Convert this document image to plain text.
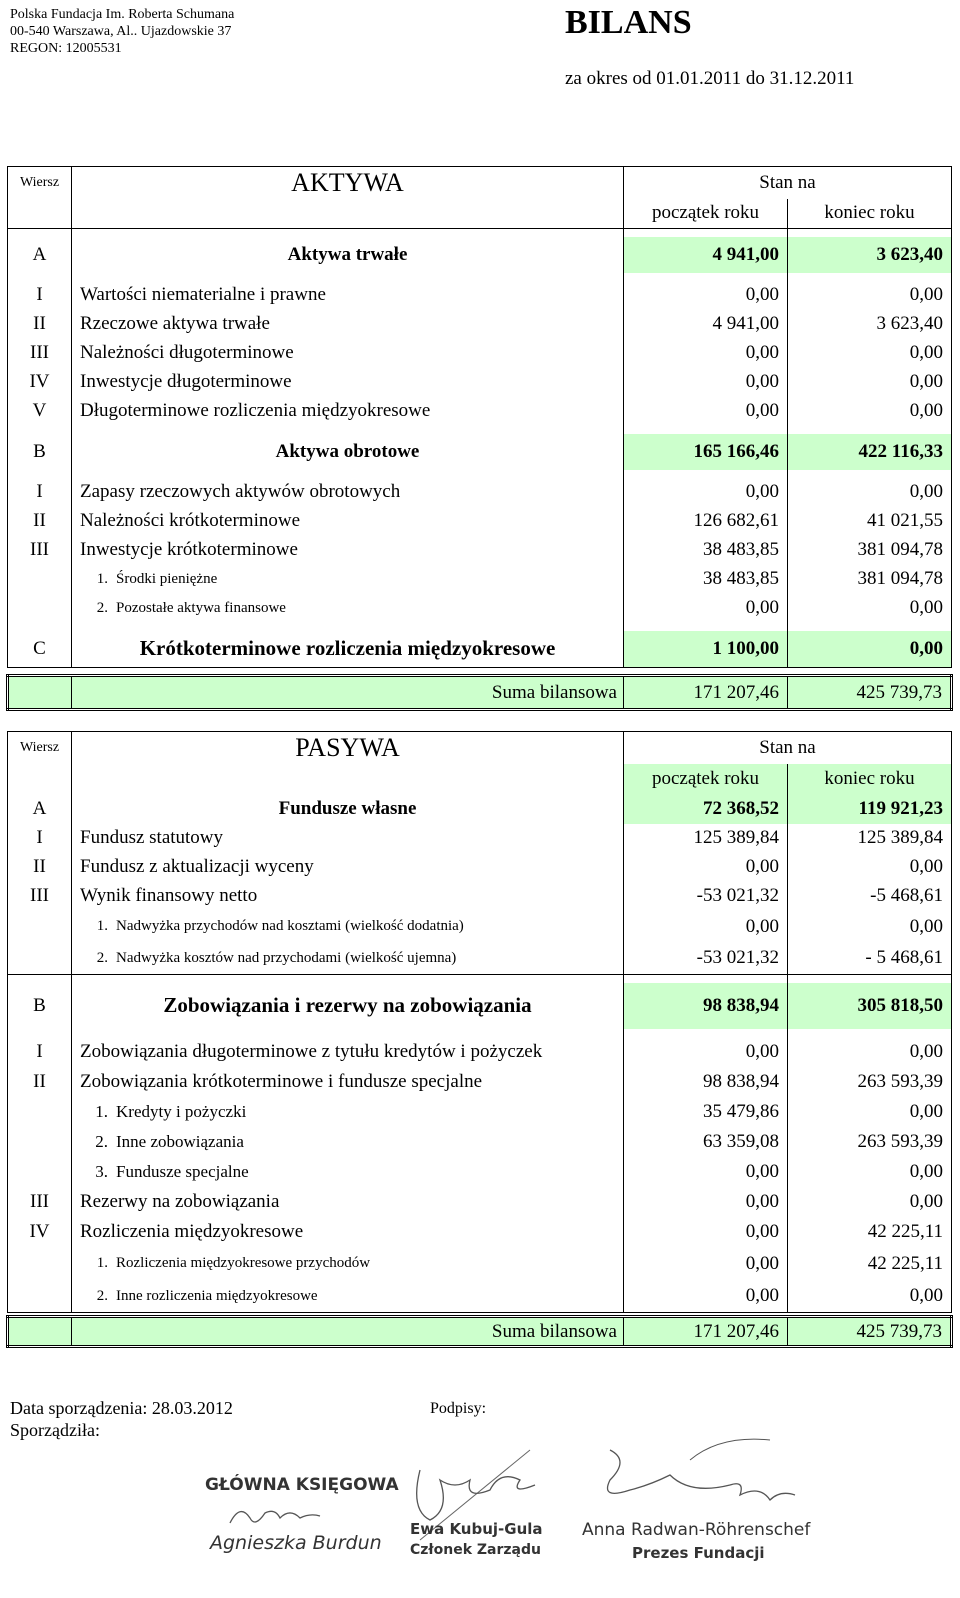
Polska Fundacja Im. Roberta Schumana
00-540 Warszawa, Al.. Ujazdowskie 37
REGON: 12005531
BILANS
za okres od 01.01.2011 do 31.12.2011
Wiersz	AKTYWA	Stan na	
		początek roku	koniec roku

A	Aktywa trwałe	4 941,00	3 623,40

I	Wartości niematerialne i prawne	0,00	0,00
II	Rzeczowe aktywa trwałe	4 941,00	3 623,40
III	Należności długoterminowe	0,00	0,00
IV	Inwestycje długoterminowe	0,00	0,00
V	Długoterminowe rozliczenia międzyokresowe	0,00	0,00

B	Aktywa obrotowe	165 166,46	422 116,33

I	Zapasy rzeczowych aktywów obrotowych	0,00	0,00
II	Należności krótkoterminowe	126 682,61	41 021,55
III	Inwestycje krótkoterminowe	38 483,85	381 094,78
	1. Środki pieniężne	38 483,85	381 094,78
	2. Pozostałe aktywa finansowe	0,00	0,00

C	Krótkoterminowe rozliczenia międzyokresowe	1 100,00	0,00

	Suma bilansowa	171 207,46	425 739,73
Wiersz	PASYWA	Stan na	
		początek roku	koniec roku
A	Fundusze własne	72 368,52	119 921,23
I	Fundusz statutowy	125 389,84	125 389,84
II	Fundusz z aktualizacji wyceny	0,00	0,00
III	Wynik finansowy netto	-53 021,32	-5 468,61
	1. Nadwyżka przychodów nad kosztami (wielkość dodatnia)	0,00	0,00
	2. Nadwyżka kosztów nad przychodami (wielkość ujemna)	-53 021,32	- 5 468,61

B	Zobowiązania i rezerwy na zobowiązania	98 838,94	305 818,50

I	Zobowiązania długoterminowe z tytułu kredytów i pożyczek	0,00	0,00
II	Zobowiązania krótkoterminowe i fundusze specjalne	98 838,94	263 593,39
	1. Kredyty i pożyczki	35 479,86	0,00
	2. Inne zobowiązania	63 359,08	263 593,39
	3. Fundusze specjalne	0,00	0,00
III	Rezerwy na zobowiązania	0,00	0,00
IV	Rozliczenia międzyokresowe	0,00	42 225,11
	1. Rozliczenia międzyokresowe przychodów	0,00	42 225,11
	2. Inne rozliczenia międzyokresowe	0,00	0,00

	Suma bilansowa	171 207,46	425 739,73
Data sporządzenia: 28.03.2012
Sporządziła:
Podpisy:
GŁÓWNA KSIĘGOWA
Agnieszka Burdun
Ewa Kubuj-Gula
Członek Zarządu
Anna Radwan-Röhrenschef
Prezes Fundacji
